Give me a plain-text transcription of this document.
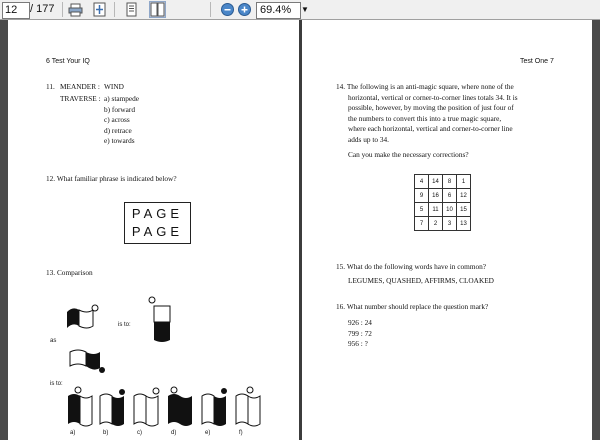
12	/ 177	69.4%	▼
6 Test Your IQ
11. MEANDER : WIND
TRAVERSE : a) stampede
b) forward
c) across
d) retrace
e) towards
12. What familiar phrase is indicated below?
PAGE
PAGE
13. Comparison
is to:
as
is to:
a)	b)	c)	d)	e)	f)
Test One 7
14. The following is an anti-magic square, where none of the
horizontal, vertical or corner-to-corner lines totals 34. It is
possible, however, by moving the position of just four of
the numbers to convert this into a true magic square,
where each horizontal, vertical and corner-to-corner line
adds up to 34.
Can you make the necessary corrections?
4	14	8	1
9	16	6	12
5	11	10	15
7	2	3	13
15. What do the following words have in common?
LEGUMES, QUASHED, AFFIRMS, CLOAKED
16. What number should replace the question mark?
926 : 24
799 : 72
956 : ?
